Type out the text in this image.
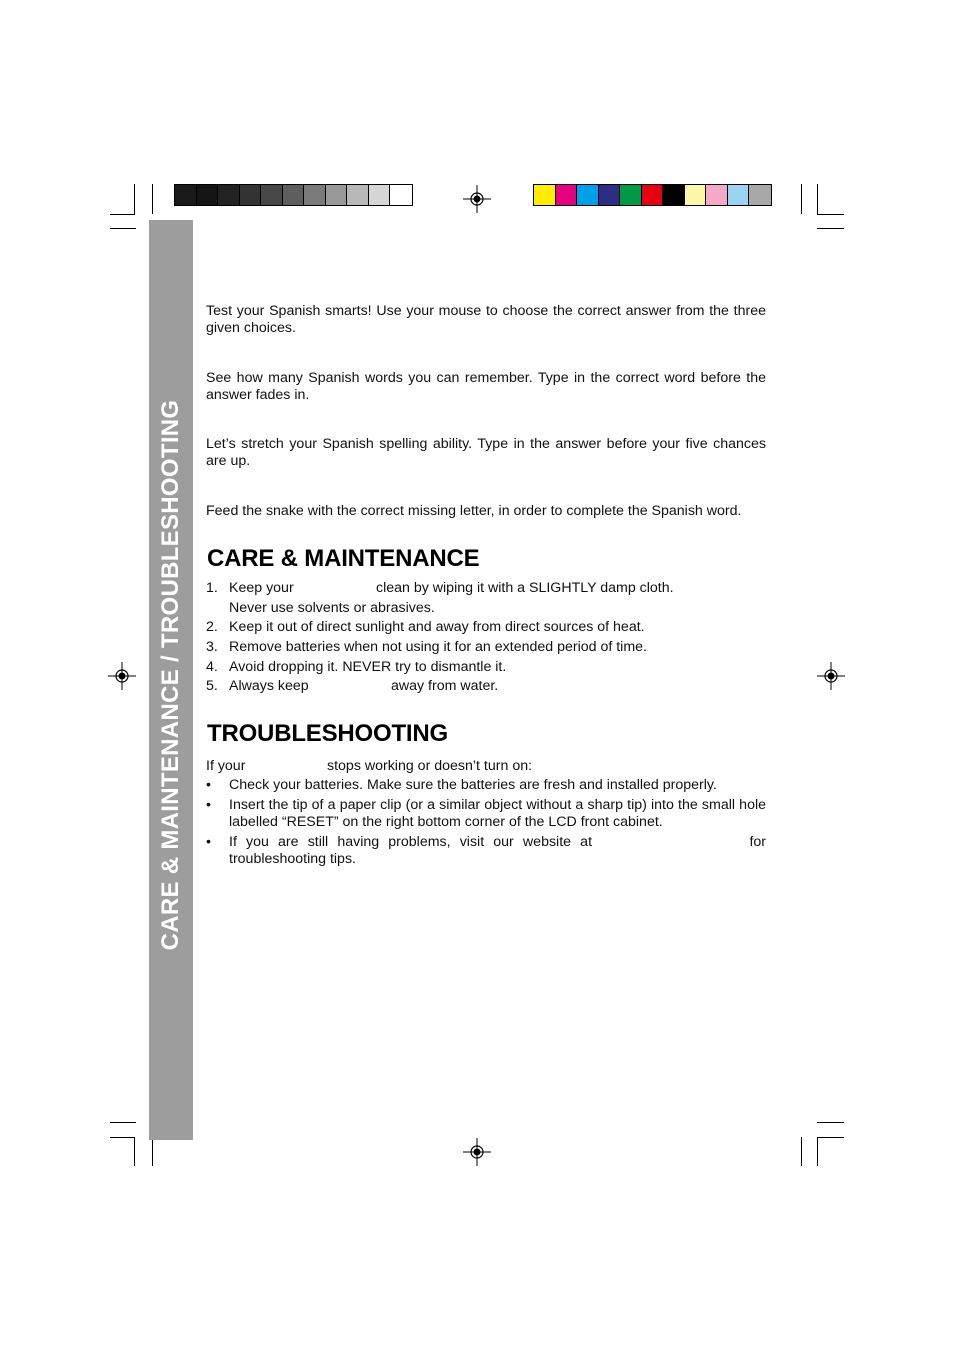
CARE & MAINTENANCE / TROUBLESHOOTING
Test your Spanish smarts! Use your mouse to choose the correct answer from the three given choices.
See how many Spanish words you can remember. Type in the correct word before the answer fades in.
Let’s stretch your Spanish spelling ability. Type in the answer before your five chances are up.
Feed the snake with the correct missing letter, in order to complete the Spanish word.
CARE & MAINTENANCE
1. Keep your	clean by wiping it with a SLIGHTLY damp cloth.
Never use solvents or abrasives.
2. Keep it out of direct sunlight and away from direct sources of heat.
3. Remove batteries when not using it for an extended period of time.
4. Avoid dropping it. NEVER try to dismantle it.
5. Always keep	away from water.
TROUBLESHOOTING
If your	stops working or doesn’t turn on:
• Check your batteries. Make sure the batteries are fresh and installed properly.
• Insert the tip of a paper clip (or a similar object without a sharp tip) into the small hole labelled “RESET” on the right bottom corner of the LCD front cabinet.
• If you are still having problems, visit our website at	for
troubleshooting tips.
